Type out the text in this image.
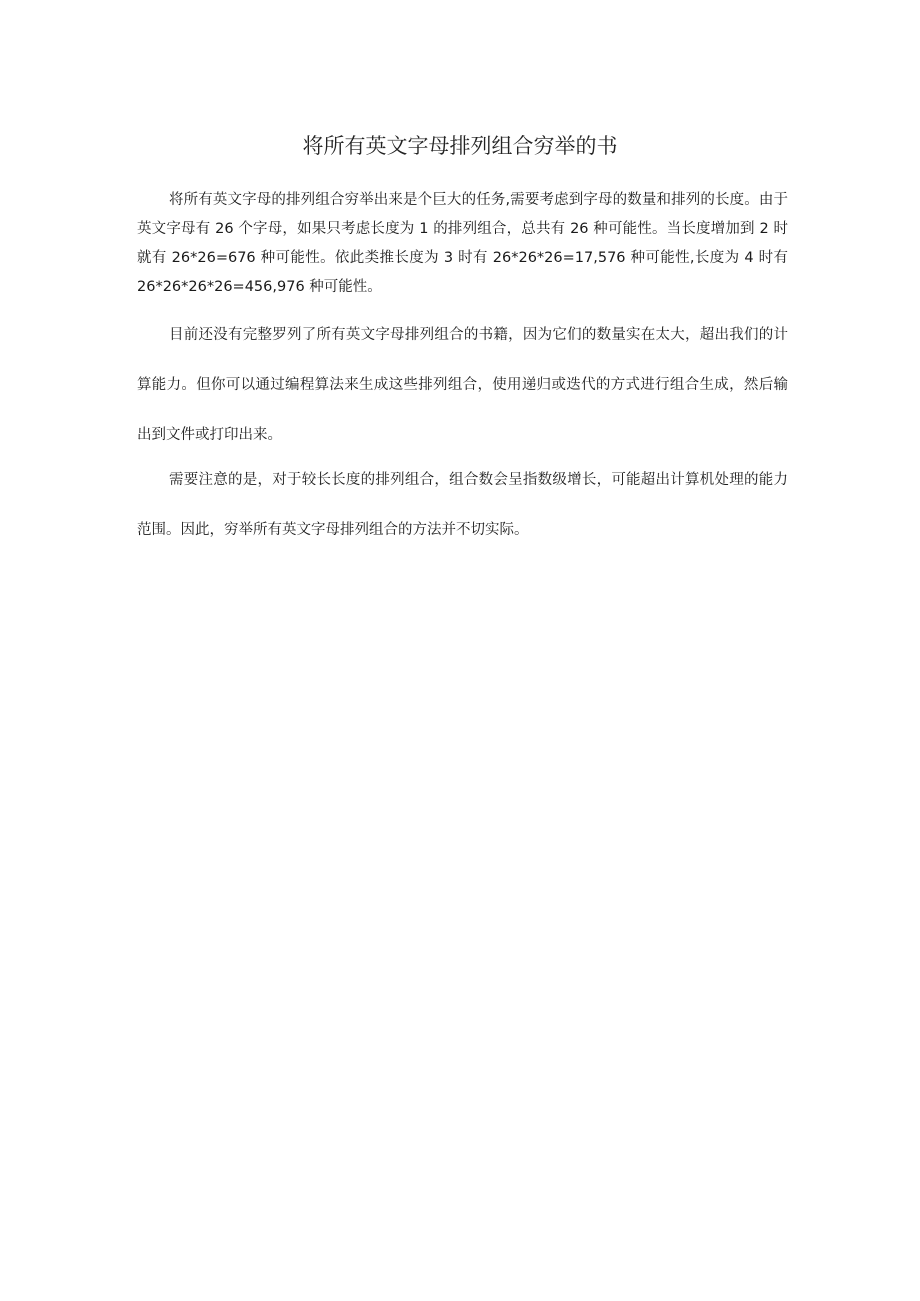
将所有英文字母排列组合穷举的书

将所有英文字母的排列组合穷举出来是个巨大的任务,需要考虑到字母的数量和排列的长度。由于英文字母有 26 个字母，如果只考虑长度为 1 的排列组合，总共有 26 种可能性。当长度增加到 2 时就有 26*26=676 种可能性。依此类推长度为 3 时有 26*26*26=17,576 种可能性,长度为 4 时有 26*26*26*26=456,976 种可能性。

目前还没有完整罗列了所有英文字母排列组合的书籍，因为它们的数量实在太大，超出我们的计算能力。但你可以通过编程算法来生成这些排列组合，使用递归或迭代的方式进行组合生成，然后输出到文件或打印出来。

需要注意的是，对于较长长度的排列组合，组合数会呈指数级增长，可能超出计算机处理的能力范围。因此，穷举所有英文字母排列组合的方法并不切实际。
